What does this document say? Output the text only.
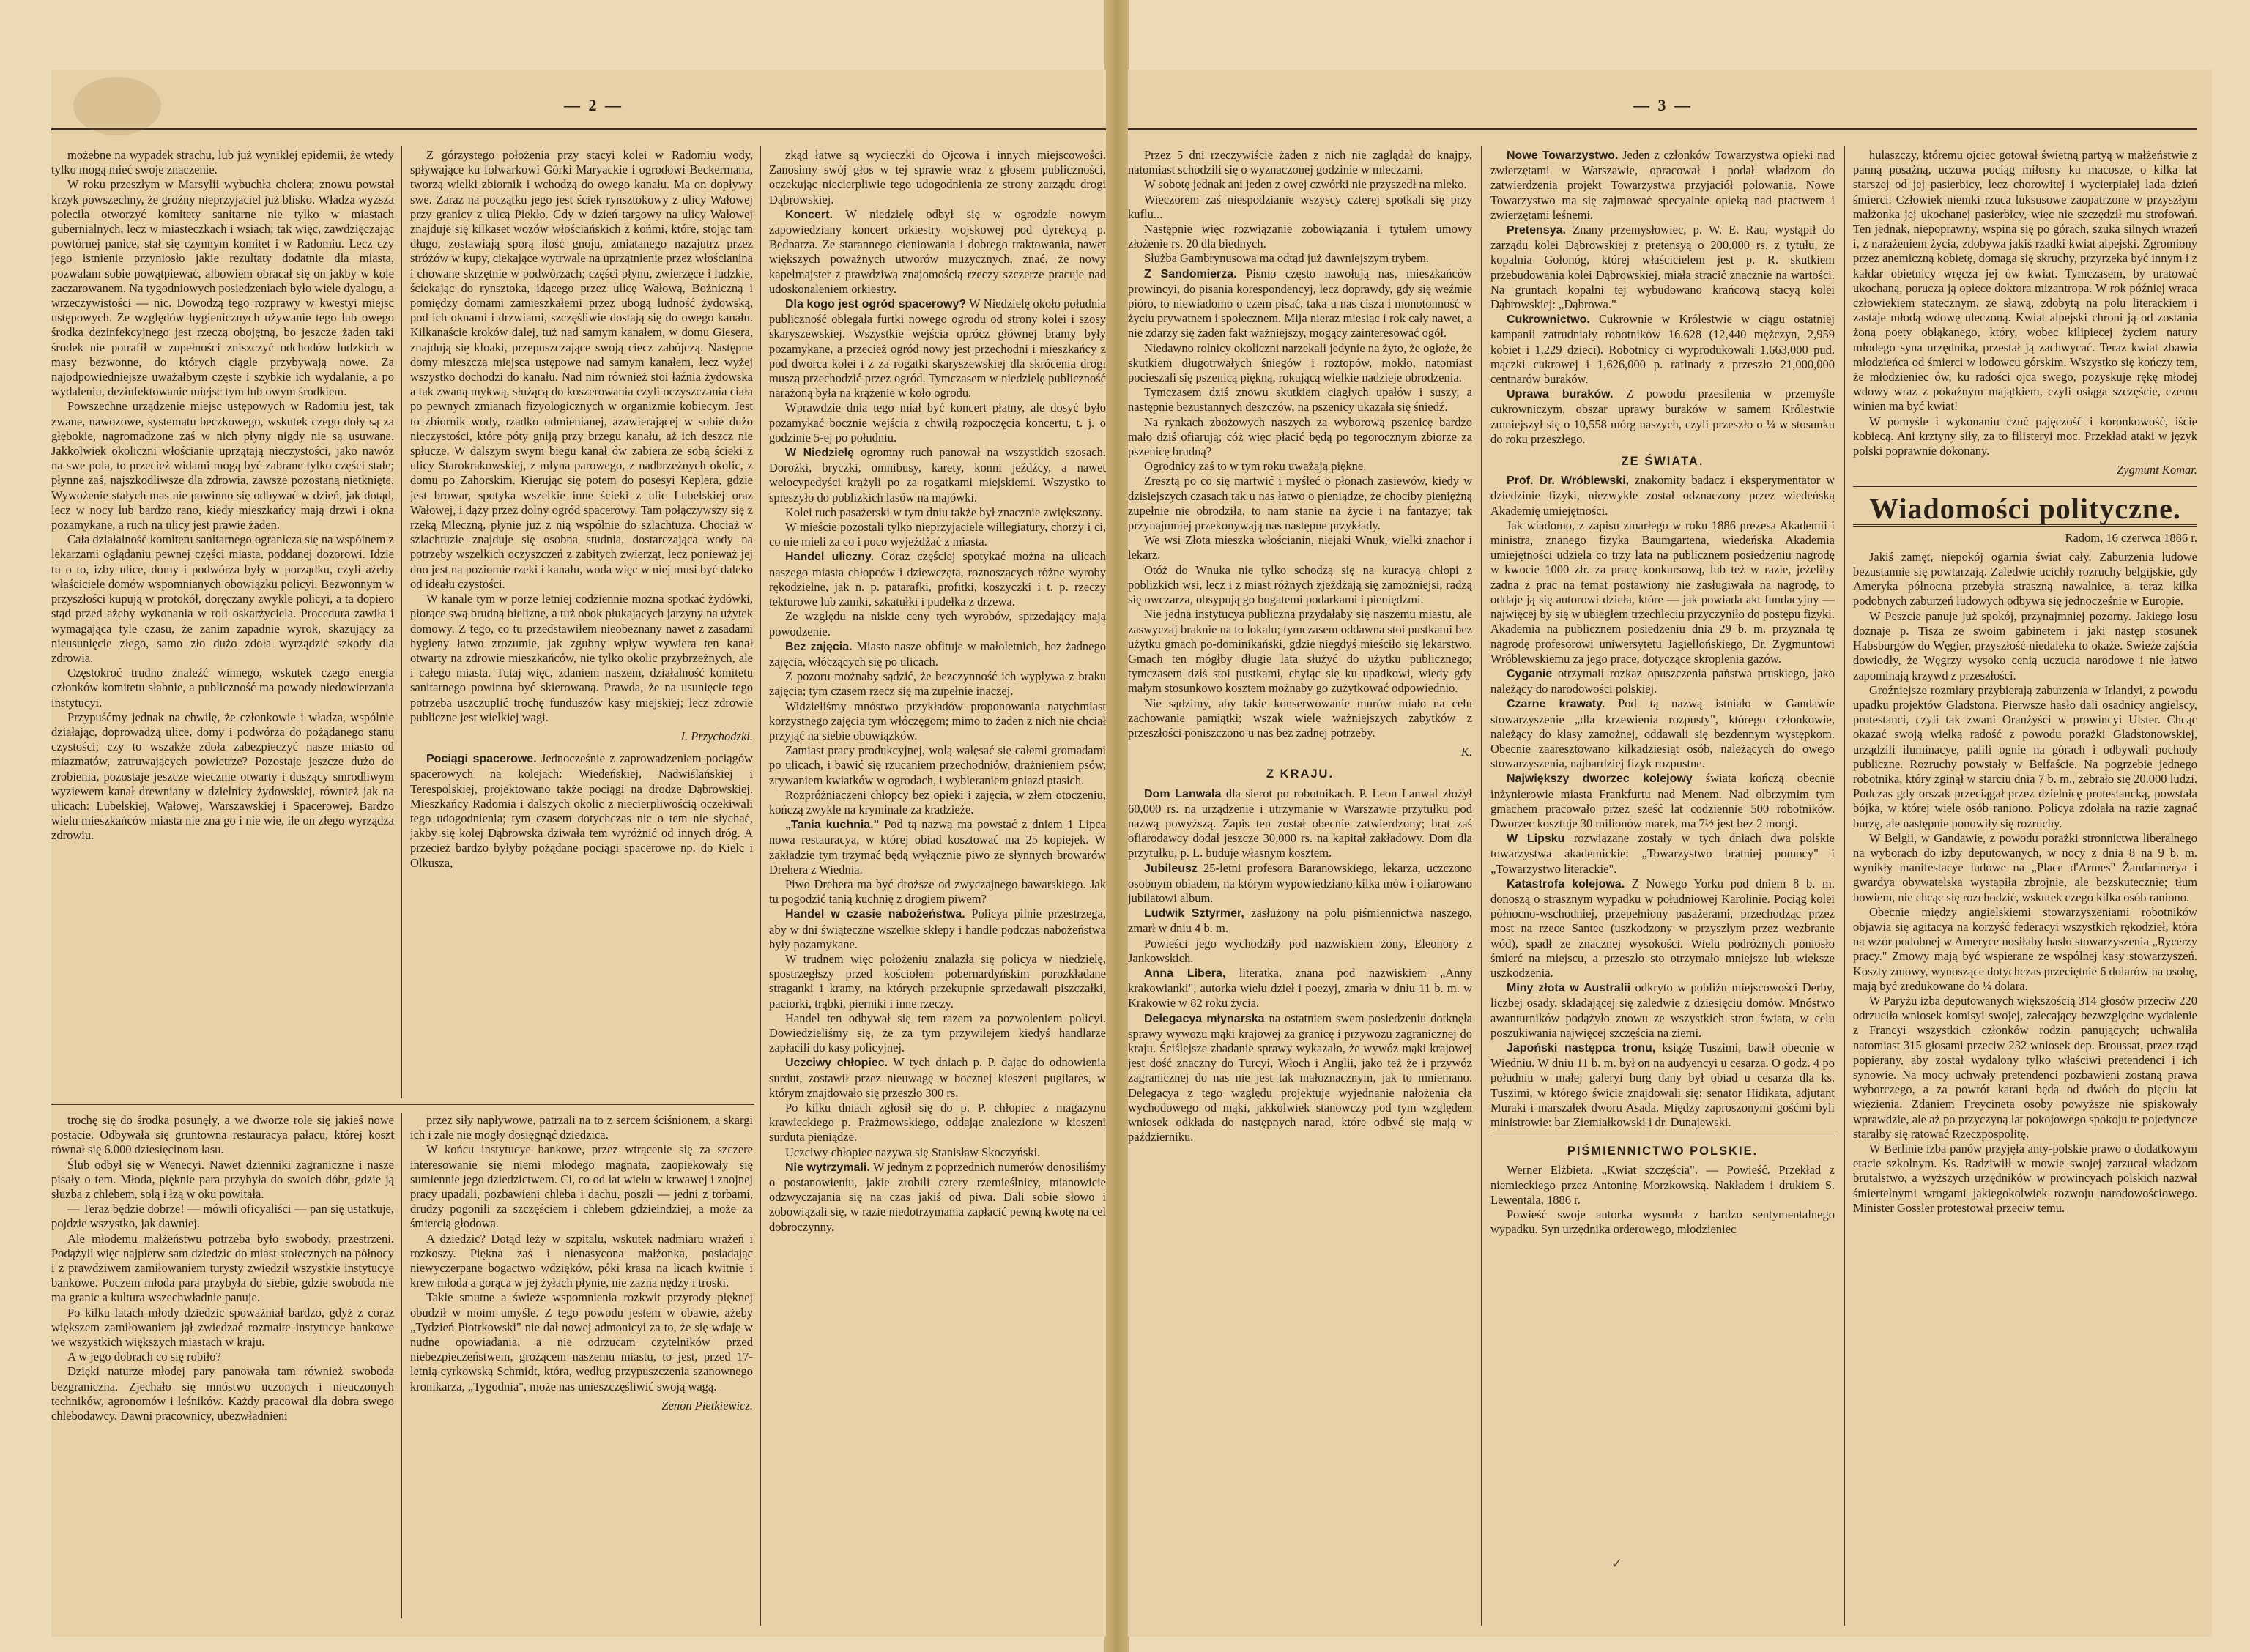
— 2 —

możebne na wypadek strachu, lub już wyniklej epidemii, że wtedy tylko mogą mieć swoje znaczenie.

W roku przeszłym w Marsylii wybuchła cholera; znowu powstał krzyk powszechny, że groźny nieprzyjaciel już blisko. Władza wyższa poleciła otworzyć komitety sanitarne nie tylko w miastach gubernialnych, lecz w miasteczkach i wsiach; tak więc, zawdzięczając powtórnej panice, stał się czynnym komitet i w Radomiu. Lecz czy jego istnienie przyniosło jakie rezultaty dodatnie dla miasta, pozwalam sobie powątpiewać, albowiem obracał się on jakby w kole zaczarowanem. Na tygodniowych posiedzeniach było wiele dyalogu, a wrzeczywistości — nic. Dowodzą tego rozprawy w kwestyi miejsc ustępowych. Ze względów hygienicznych używanie tego lub owego środka dezinfekcyjnego jest rzeczą obojętną, bo jeszcze żaden taki środek nie potrafił w zupełności zniszczyć odchodów ludzkich w masy bezwonne, do których ciągle przybywają nowe. Za najodpowiedniejsze uważałbym częste i szybkie ich wydalanie, a po wydaleniu, dezinfektowanie miejsc tym lub owym środkiem.

Powszechne urządzenie miejsc ustępowych w Radomiu jest, tak zwane, nawozowe, systematu beczkowego, wskutek czego doły są za głębokie, nagromadzone zaś w nich płyny nigdy nie są usuwane. Jakkolwiek okoliczni włościanie uprzątają nieczystości, jako nawóz na swe pola, to przecież widami mogą być zabrane tylko części stałe; płynne zaś, najszkodliwsze dla zdrowia, zawsze pozostaną nietknięte. Wywożenie stałych mas nie powinno się odbywać w dzień, jak dotąd, lecz w nocy lub bardzo rano, kiedy mieszkańcy mają drzwi i okna pozamykane, a ruch na ulicy jest prawie żaden.

Cała działalność komitetu sanitarnego ogranicza się na wspólnem z lekarzami oglądaniu pewnej części miasta, poddanej dozorowi. Idzie tu o to, izby ulice, domy i podwórza były w porządku, czyli ażeby właściciele domów wspomnianych obowiązku policyi. Bezwonnym w przyszłości kupują w protokół, doręczany zwykle policyi, a ta dopiero stąd przed ażeby wykonania w roli oskarżyciela. Procedura zawiła i wymagająca tyle czasu, że zanim zapadnie wyrok, skazujący za nieusunięcie złego, samo zło dużo zdoła wyrządzić szkody dla zdrowia.

Częstokroć trudno znaleźć winnego, wskutek czego energia członków komitetu słabnie, a publiczność ma powody niedowierzania instytucyi.

Przypuśćmy jednak na chwilę, że członkowie i władza, wspólnie działając, doprowadzą ulice, domy i podwórza do pożądanego stanu czystości; czy to wszakże zdoła zabezpieczyć nasze miasto od miazmatów, zatruwających powietrze? Pozostaje jeszcze dużo do zrobienia, pozostaje jeszcze wiecznie otwarty i duszący smrodliwym wyziewem kanał drewniany w dzielnicy żydowskiej, również jak na ulicach: Lubelskiej, Wałowej, Warszawskiej i Spacerowej. Bardzo wielu mieszkańców miasta nie zna go i nie wie, ile on złego wyrządza zdrowiu.

Z górzystego położenia przy stacyi kolei w Radomiu wody, spływające ku folwarkowi Górki Maryackie i ogrodowi Beckermana, tworzą wielki zbiornik i wchodzą do owego kanału. Ma on dopływy swe. Zaraz na początku jego jest ściek rynsztokowy z ulicy Wałowej przy granicy z ulicą Piekło. Gdy w dzień targowy na ulicy Wałowej znajduje się kilkaset wozów włościańskich z końmi, które, stojąc tam długo, zostawiają sporą ilość gnoju, zmiatanego nazajutrz przez stróżów w kupy, ciekające wytrwale na uprzątnienie przez włościanina i chowane skrzętnie w podwórzach; części płynu, zwierzęce i ludzkie, ściekając do rynsztoka, idącego przez ulicę Wałową, Bożniczną i pomiędzy domami zamieszkałemi przez ubogą ludność żydowską, pod ich oknami i drzwiami, szczęśliwie dostają się do owego kanału. Kilkanaście kroków dalej, tuż nad samym kanałem, w domu Giesera, znajdują się kloaki, przepuszczające swoją ciecz zabójczą. Następne domy mieszczą miejsca ustępowe nad samym kanałem, lecz wyżej wszystko dochodzi do kanału. Nad nim również stoi łaźnia żydowska a tak zwaną mykwą, służącą do koszerowania czyli oczyszczania ciała po pewnych zmianach fizyologicznych w organizmie kobiecym. Jest to zbiornik wody, rzadko odmienianej, azawierającej w sobie dużo nieczystości, które póty gniją przy brzegu kanału, aż ich deszcz nie spłucze. W dalszym swym biegu kanał ów zabiera ze sobą ścieki z ulicy Starokrakowskiej, z młyna parowego, z nadbrzeżnych okolic, z domu po Zahorskim. Kierując się potem do posesyi Keplera, gdzie jest browar, spotyka wszelkie inne ścieki z ulic Lubelskiej oraz Wałowej, i dąży przez dolny ogród spacerowy. Tam połączywszy się z rzeką Mleczną, płynie już z nią wspólnie do szlachtuza. Chociaż w szlachtuzie znajduje się osobna studnia, dostarczająca wody na potrzeby wszelkich oczyszczeń z zabitych zwierząt, lecz ponieważ jej dno jest na poziomie rzeki i kanału, woda więc w niej musi być daleko od ideału czystości.

W kanale tym w porze letniej codziennie można spotkać żydówki, piorące swą brudną bieliznę, a tuż obok płukających jarzyny na użytek domowy. Z tego, co tu przedstawiłem nieobeznany nawet z zasadami hygieny łatwo zrozumie, jak zgubny wpływ wywiera ten kanał otwarty na zdrowie mieszkańców, nie tylko okolic przybrzeżnych, ale i całego miasta. Tutaj więc, zdaniem naszem, działalność komitetu sanitarnego powinna być skierowaną. Prawda, że na usunięcie tego potrzeba uszczuplić trochę funduszów kasy miejskiej; lecz zdrowie publiczne jest wielkiej wagi.

J. Przychodzki.

Pociągi spacerowe. Jednocześnie z zaprowadzeniem pociągów spacerowych na kolejach: Wiedeńskiej, Nadwiślańskiej i Terespolskiej, projektowano także pociągi na drodze Dąbrowskiej. Mieszkańcy Radomia i dalszych okolic z niecierpliwością oczekiwali tego udogodnienia; tym czasem dotychczas nic o tem nie słychać, jakby się kolej Dąbrowska dziwała tem wyróżnić od innych dróg. A przecież bardzo byłyby pożądane pociągi spacerowe np. do Kielc i Olkusza,

zkąd łatwe są wycieczki do Ojcowa i innych miejscowości. Zanosimy swój głos w tej sprawie wraz z głosem publiczności, oczekując niecierpliwie tego udogodnienia ze strony zarządu drogi Dąbrowskiej.

Koncert. W niedzielę odbył się w ogrodzie nowym zapowiedziany koncert orkiestry wojskowej pod dyrekcyą p. Bednarza. Ze starannego cieniowania i dobrego traktowania, nawet większych poważnych utworów muzycznych, znać, że nowy kapelmajster z prawdziwą znajomością rzeczy szczerze pracuje nad udoskonaleniem orkiestry.

Dla kogo jest ogród spacerowy? W Niedzielę około południa publiczność oblegała furtki nowego ogrodu od strony kolei i szosy skaryszewskiej. Wszystkie wejścia oprócz głównej bramy były pozamykane, a przecież ogród nowy jest przechodni i mieszkańcy z pod dworca kolei i z za rogatki skaryszewskiej dla skrócenia drogi muszą przechodzić przez ogród. Tymczasem w niedzielę publiczność narażoną była na krążenie w koło ogrodu.

Wprawdzie dnia tego miał być koncert płatny, ale dosyć było pozamykać bocznie wejścia z chwilą rozpoczęcia koncertu, t. j. o godzinie 5-ej po południu.

W Niedzielę ogromny ruch panował na wszystkich szosach. Dorożki, bryczki, omnibusy, karety, konni jeźdźcy, a nawet welocypedyści krążyli po za rogatkami miejskiemi. Wszystko to spieszyło do poblizkich lasów na majówki.

Kolei ruch pasażerski w tym dniu także był znacznie zwiększony.

W mieście pozostali tylko nieprzyjaciele willegiatury, chorzy i ci, co nie mieli za co i poco wyjeżdżać z miasta.

Handel uliczny. Coraz częściej spotykać można na ulicach naszego miasta chłopców i dziewczęta, roznoszących różne wyroby rękodzielne, jak n. p. patarafki, profitki, koszyczki i t. p. rzeczy tekturowe lub zamki, szkatułki i pudełka z drzewa.

Ze względu na niskie ceny tych wyrobów, sprzedający mają powodzenie.

Bez zajęcia. Miasto nasze obfituje w małoletnich, bez żadnego zajęcia, włóczących się po ulicach.

Z pozoru możnaby sądzić, że bezczynność ich wypływa z braku zajęcia; tym czasem rzecz się ma zupełnie inaczej.

Widzieliśmy mnóstwo przykładów proponowania natychmiast korzystnego zajęcia tym włóczęgom; mimo to żaden z nich nie chciał przyjąć na siebie obowiązków.

Zamiast pracy produkcyjnej, wolą wałęsać się całemi gromadami po ulicach, i bawić się rzucaniem przechodniów, drażnieniem psów, zrywaniem kwiatków w ogrodach, i wybieraniem gniazd ptasich.

Rozpróżniaczeni chłopcy bez opieki i zajęcia, w złem otoczeniu, kończą zwykle na kryminale za kradzieże.

„Tania kuchnia." Pod tą nazwą ma powstać z dniem 1 Lipca nowa restauracya, w której obiad kosztować ma 25 kopiejek. W zakładzie tym trzymać będą wyłącznie piwo ze słynnych browarów Drehera z Wiednia.

Piwo Drehera ma być droższe od zwyczajnego bawarskiego. Jak tu pogodzić tanią kuchnię z drogiem piwem?

Handel w czasie nabożeństwa. Policya pilnie przestrzega, aby w dni świąteczne wszelkie sklepy i handle podczas nabożeństwa były pozamykane.

W trudnem więc położeniu znalazła się policya w niedzielę, spostrzegłszy przed kościołem pobernardyńskim porozkładane straganki i kramy, na których przekupnie sprzedawali piszczałki, paciorki, trąbki, pierniki i inne rzeczy.

Handel ten odbywał się tem razem za pozwoleniem policyi. Dowiedzieliśmy się, że za tym przywilejem kiedyś handlarze zapłacili do kasy policyjnej.

Uczciwy chłopiec. W tych dniach p. P. dając do odnowienia surdut, zostawił przez nieuwagę w bocznej kieszeni pugilares, w którym znajdowało się przeszło 300 rs.

Po kilku dniach zgłosił się do p. P. chłopiec z magazynu krawieckiego p. Prażmowskiego, oddając znalezione w kieszeni surduta pieniądze.

Uczciwy chłopiec nazywa się Stanisław Skoczyński.

Nie wytrzymali. W jednym z poprzednich numerów donosiliśmy o postanowieniu, jakie zrobili cztery rzemieślnicy, mianowicie odzwyczajania się na czas jakiś od piwa. Dali sobie słowo i zobowiązali się, w razie niedotrzymania zapłacić pewną kwotę na cel dobroczynny.

trochę się do środka posunęły, a we dworze role się jakieś nowe postacie. Odbywała się gruntowna restauracya pałacu, której koszt równał się 6.000 dziesięcinom lasu.

Ślub odbył się w Wenecyi. Nawet dzienniki zagraniczne i nasze pisały o tem. Młoda, pięknie para przybyła do swoich dóbr, gdzie ją słuzba z chlebem, solą i łzą w oku powitała.

— Teraz będzie dobrze! — mówili oficyaliści — pan się ustatkuje, pojdzie wszystko, jak dawniej.

Ale młodemu małżeństwu potrzeba było swobody, przestrzeni. Podążyli więc najpierw sam dziedzic do miast stołecznych na północy i z prawdziwem zamiłowaniem turysty zwiedził wszystkie instytucye bankowe. Poczem młoda para przybyła do siebie, gdzie swoboda nie ma granic a kultura wszechwładnie panuje.

Po kilku latach młody dziedzic spoważniał bardzo, gdyż z coraz większem zamiłowaniem jął zwiedzać rozmaite instytucye bankowe we wszystkich większych miastach w kraju.

A w jego dobrach co się robiło?

Dzięki naturze młodej pary panowała tam również swoboda bezgraniczna. Zjechało się mnóstwo uczonych i nieuczonych techników, agronomów i leśników. Każdy pracował dla dobra swego chlebodawcy. Dawni pracownicy, ubezwładnieni

przez siły napływowe, patrzali na to z sercem ściśnionem, a skargi ich i żale nie mogły dosięgnąć dziedzica.

W końcu instytucye bankowe, przez wtrącenie się za szczere interesowanie się niemi młodego magnata, zaopiekowały się sumiennie jego dziedzictwem. Ci, co od lat wielu w krwawej i znojnej pracy upadali, pozbawieni chleba i dachu, poszli — jedni z torbami, drudzy pogonili za szczęściem i chlebem gdzieindziej, a może za śmiercią głodową.

A dziedzic? Dotąd leży w szpitalu, wskutek nadmiaru wrażeń i rozkoszy. Piękna zaś i nienasycona małżonka, posiadając niewyczerpane bogactwo wdzięków, póki krasa na licach kwitnie i krew młoda a gorąca w jej żyłach płynie, nie zazna nędzy i troski.

Takie smutne a świeże wspomnienia rozkwit przyrody pięknej obudził w moim umyśle. Z tego powodu jestem w obawie, ażeby „Tydzień Piotrkowski" nie dał nowej admonicyi za to, że się wdaję w nudne opowiadania, a nie odrzucam czytelników przed niebezpieczeństwem, grożącem naszemu miastu, to jest, przed 17-letnią cyrkowską Schmidt, która, według przypuszczenia szanownego kronikarza, „Tygodnia", może nas unieszczęśliwić swoją wagą.

Zenon Pietkiewicz.

— 3 —

Przez 5 dni rzeczywiście żaden z nich nie zaglądał do knajpy, natomiast schodzili się o wyznaczonej godzinie w mleczarni.

W sobotę jednak ani jeden z owej czwórki nie przyszedł na mleko.

Wieczorem zaś niespodzianie wszyscy czterej spotkali się przy kuflu...

Następnie więc rozwiązanie zobowiązania i tytułem umowy złożenie rs. 20 dla biednych.

Służba Gambrynusowa ma odtąd już dawniejszym trybem.

Z Sandomierza. Pismo często nawołują nas, mieszkańców prowincyi, do pisania korespondencyj, lecz doprawdy, gdy się weźmie pióro, to niewiadomo o czem pisać, taka u nas cisza i monotonność w życiu prywatnem i społecznem. Mija nieraz miesiąc i rok cały nawet, a nie zdarzy się żaden fakt ważniejszy, mogący zainteresować ogół.

Niedawno rolnicy okoliczni narzekali jedynie na żyto, że ogłoże, że skutkiem długotrwałych śniegów i roztopów, mokło, natomiast pocieszali się pszenicą piękną, rokującą wielkie nadzieje obrodzenia.

Tymczasem dziś znowu skutkiem ciągłych upałów i suszy, a następnie bezustannych deszczów, na pszenicy ukazała się śniedź.

Na rynkach zbożowych naszych za wyborową pszenicę bardzo mało dziś ofiarują; cóż więc płacić będą po tegorocznym zbiorze za pszenicę brudną?

Ogrodnicy zaś to w tym roku uważają piękne.

Zresztą po co się martwić i myśleć o płonach zasiewów, kiedy w dzisiejszych czasach tak u nas łatwo o pieniądze, że chociby pieniężną zupełnie nie obrodziła, to nam stanie na życie i na fantazye; tak przynajmniej przekonywają nas następne przykłady.

We wsi Złota mieszka włościanin, niejaki Wnuk, wielki znachor i lekarz.

Otóż do Wnuka nie tylko schodzą się na kuracyą chłopi z poblizkich wsi, lecz i z miast różnych zjeżdżają się zamożniejsi, radzą się owczarza, obsypują go bogatemi podarkami i pieniędzmi.

Nie jedna instytucya publiczna przydałaby się naszemu miastu, ale zaswyczaj braknie na to lokalu; tymczasem oddawna stoi pustkami bez użytku gmach po-dominikański, gdzie niegdyś mieściło się lekarstwo. Gmach ten mógłby długie lata służyć do użytku publicznego; tymczasem dziś stoi pustkami, chyląc się ku upadkowi, wiedy gdy małym stosunkowo kosztem możnaby go zużytkować odpowiednio.

Nie sądzimy, aby takie konserwowanie murów miało na celu zachowanie pamiątki; wszak wiele ważniejszych zabytków z przeszłości poniszczono u nas bez żadnej potrzeby.

K.

Z KRAJU.

Dom Lanwala dla sierot po robotnikach. P. Leon Lanwal złożył 60,000 rs. na urządzenie i utrzymanie w Warszawie przytułku pod nazwą powyższą. Zapis ten został obecnie zatwierdzony; brat zaś ofiarodawcy dodał jeszcze 30,000 rs. na kapitał zakładowy. Dom dla przytułku, p. L. buduje własnym kosztem.

Jubileusz 25-letni profesora Baranowskiego, lekarza, uczczono osobnym obiadem, na którym wypowiedziano kilka mów i ofiarowano jubilatowi album.

Ludwik Sztyrmer, zasłużony na polu piśmiennictwa naszego, zmarł w dniu 4 b. m.

Powieści jego wychodziły pod nazwiskiem żony, Eleonory z Jankowskich.

Anna Libera, literatka, znana pod nazwiskiem „Anny krakowianki", autorka wielu dzieł i poezyj, zmarła w dniu 11 b. m. w Krakowie w 82 roku życia.

Delegacya młynarska na ostatniem swem posiedzeniu dotknęła sprawy wywozu mąki krajowej za granicę i przywozu zagranicznej do kraju. Ściślejsze zbadanie sprawy wykazało, że wywóz mąki krajowej jest dość znaczny do Turcyi, Włoch i Anglii, jako też że i przywóz zagranicznej do nas nie jest tak małoznacznym, jak to mniemano. Delegacya z tego względu projektuje wyjednanie nałożenia cła wychodowego od mąki, jakkolwiek stanowczy pod tym względem wniosek odkłada do następnych narad, które odbyć się mają w październiku.

Nowe Towarzystwo. Jeden z członków Towarzystwa opieki nad zwierzętami w Warszawie, opracował i podał władzom do zatwierdzenia projekt Towarzystwa przyjaciół polowania. Nowe Towarzystwo ma się zajmować specyalnie opieką nad ptactwem i zwierzętami leśnemi.

Pretensya. Znany przemysłowiec, p. W. E. Rau, wystąpił do zarządu kolei Dąbrowskiej z pretensyą o 200.000 rs. z tytułu, że kopalnia Gołonóg, której właścicielem jest p. R. skutkiem przebudowania kolei Dąbrowskiej, miała stracić znacznie na wartości. Na gruntach kopalni tej wybudowano krańcową stacyą kolei Dąbrowskiej: „Dąbrowa."

Cukrownictwo. Cukrownie w Królestwie w ciągu ostatniej kampanii zatrudniały robotników 16.628 (12,440 mężczyn, 2,959 kobiet i 1,229 dzieci). Robotnicy ci wyprodukowali 1,663,000 pud. mączki cukrowej i 1,626,000 p. rafinady z przeszło 21,000,000 centnarów buraków.

Uprawa buraków. Z powodu przesilenia w przemyśle cukrowniczym, obszar uprawy buraków w samem Królestwie zmniejszył się o 10,558 mórg naszych, czyli przeszło o ¼ w stosunku do roku przeszłego.

ZE ŚWIATA.

Prof. Dr. Wróblewski, znakomity badacz i eksperymentator w dziedzinie fizyki, niezwykle został odznaczony przez wiedeńską Akademię umiejętności.

Jak wiadomo, z zapisu zmarłego w roku 1886 prezesa Akademii i ministra, znanego fizyka Baumgartena, wiedeńska Akademia umiejętności udziela co trzy lata na publicznem posiedzeniu nagrodę w kwocie 1000 złr. za pracę konkursową, lub też w razie, jeżeliby żadna z prac na temat postawiony nie zasługiwała na nagrodę, to oddaje ją się autorowi dzieła, które — jak powiada akt fundacyjny — najwięcej by się w ubiegłem trzechleciu przyczyniło do postępu fizyki. Akademia na publicznem posiedzeniu dnia 29 b. m. przyznała tę nagrodę profesorowi uniwersytetu Jagiellońskiego, Dr. Zygmuntowi Wróblewskiemu za jego prace, dotyczące skroplenia gazów.

Cyganie otrzymali rozkaz opuszczenia państwa pruskiego, jako należący do narodowości polskiej.

Czarne krawaty. Pod tą nazwą istniało w Gandawie stowarzyszenie „dla krzewienia rozpusty", którego członkowie, należący do klasy zamożnej, oddawali się bezdennym występkom. Obecnie zaaresztowano kilkadziesiąt osób, należących do owego stowarzyszenia, najbardziej fizyk rozpustne.

Największy dworzec kolejowy świata kończą obecnie inżynierowie miasta Frankfurtu nad Menem. Nad olbrzymim tym gmachem pracowało przez sześć lat codziennie 500 robotników. Dworzec kosztuje 30 milionów marek, ma 7½ jest bez 2 morgi.

W Lipsku rozwiązane zostały w tych dniach dwa polskie towarzystwa akademickie: „Towarzystwo bratniej pomocy" i „Towarzystwo literackie".

Katastrofa kolejowa. Z Nowego Yorku pod dniem 8 b. m. donoszą o strasznym wypadku w południowej Karolinie. Pociąg kolei północno-wschodniej, przepełniony pasażerami, przechodząc przez most na rzece Santee (uszkodzony w przyszłym przez wezbranie wód), spadł ze znacznej wysokości. Wielu podróżnych poniosło śmierć na miejscu, a przeszło sto otrzymało mniejsze lub większe uszkodzenia.

Miny złota w Australii odkryto w pobliżu miejscowości Derby, liczbej osady, składającej się zaledwie z dziesięciu domów. Mnóstwo awanturników podążyło znowu ze wszystkich stron świata, w celu poszukiwania najwięcej szczęścia na ziemi.

Japoński następca tronu, książę Tuszimi, bawił obecnie w Wiedniu. W dniu 11 b. m. był on na audyencyi u cesarza. O godz. 4 po południu w małej galeryi burg dany był obiad u cesarza dla ks. Tuszimi, w którego świcie znajdowali się: senator Hidikata, adjutant Muraki i marszałek dworu Asada. Między zaproszonymi gośćmi byli ministrowie: bar Ziemiałkowski i dr. Dunajewski.

PIŚMIENNICTWO POLSKIE.

Werner Elżbieta. „Kwiat szczęścia". — Powieść. Przekład z niemieckiego przez Antoninę Morzkowską. Nakładem i drukiem S. Lewentala, 1886 r.

Powieść swoje autorka wysnuła z bardzo sentymentalnego wypadku. Syn urzędnika orderowego, młodzieniec

hulaszczy, któremu ojciec gotował świetną partyą w małżeństwie z panną posażną, uczuwa pociąg miłosny ku macosze, o kilka lat starszej od jej pasierbicy, lecz chorowitej i wycierpiałej lada dzień śmierci. Człowiek niemki rzuca luksusowe zaopatrzone w przyszłym małżonka jej ukochanej pasierbicy, więc nie szczędził mu strofowań. Ten jednak, niepoprawny, wspina się po górach, szuka silnych wrażeń i, z narażeniem życia, zdobywa jakiś rzadki kwiat alpejski. Zgromiony przez anemiczną kobietę, domaga się skruchy, przyrzeka być innym i z kałdar obietnicy wręcza jej ów kwiat. Tymczasem, by uratować ukochaną, porucza ją opiece doktora mizantropa. W rok później wraca człowiekiem statecznym, ze sławą, zdobytą na polu literackiem i zastaje młodą wdowę uleczoną. Kwiat alpejski chroni ją od zostania żoną poety obłąkanego, który, wobec kilipiecej życiem natury młodego syna urzędnika, przestał ją zachwycać. Teraz kwiat zbawia młodzieńca od śmierci w lodowcu górskim. Wszystko się kończy tem, że młodzieniec ów, ku radości ojca swego, pozyskuje rękę młodej wdowy wraz z pokaźnym majątkiem, czyli osiąga szczęście, czemu winien ma być kwiat!

W pomyśle i wykonaniu czuć pajęczość i koronkowość, iście kobiecą. Ani krztyny siły, za to filisteryi moc. Przekład ataki w język polski poprawnie dokonany.

Zygmunt Komar.

Wiadomości polityczne.

Radom, 16 czerwca 1886 r.

Jakiś zamęt, niepokój ogarnia świat cały. Zaburzenia ludowe bezustannie się powtarzają. Zaledwie ucichły rozruchy belgijskie, gdy Ameryka północna przebyła straszną nawalnicę, a teraz kilka podobnych zaburzeń ludowych odbywa się jednocześnie w Europie.

W Peszcie panuje już spokój, przynajmniej pozorny. Jakiego losu doznaje p. Tisza ze swoim gabinetem i jaki następ stosunek Habsburgów do Węgier, przyszłość niedaleka to okaże. Swieże zajścia dowiodły, że Węgrzy wysoko cenią uczucia narodowe i nie łatwo zapominają krzywd z przeszłości.

Groźniejsze rozmiary przybierają zaburzenia w Irlandyi, z powodu upadku projektów Gladstona. Pierwsze hasło dali osadnicy angielscy, protestanci, czyli tak zwani Oranżyści w prowincyi Ulster. Chcąc okazać swoją wielką radość z powodu porażki Gladstonowskiej, urządzili iluminacye, palili ognie na górach i odbywali pochody publiczne. Rozruchy powstały w Belfaście. Na pogrzebie jednego robotnika, który zginął w starciu dnia 7 b. m., zebrało się 20.000 ludzi. Podczas gdy orszak przeciągał przez dzielnicę protestancką, powstała bójka, w której wiele osób raniono. Policya zdołała na razie zagnać burzę, ale następnie ponowiły się rozruchy.

W Belgii, w Gandawie, z powodu porażki stronnictwa liberalnego na wyborach do izby deputowanych, w nocy z dnia 8 na 9 b. m. wynikły manifestacye ludowe na „Place d'Armes" Żandarmerya i gwardya obywatelska wystąpiła zbrojnie, ale bezskutecznie; tłum bowiem, nie chcąc się rozchodzić, wskutek czego kilka osób raniono.

Obecnie między angielskiemi stowarzyszeniami robotników objawia się agitacya na korzyść federacyi wszystkich rękodzieł, która na wzór podobnej w Ameryce nosiłaby hasło stowarzyszenia „Rycerzy pracy." Zmowy mają być wspierane ze wspólnej kasy stowarzyszeń. Koszty zmowy, wynoszące dotychczas przeciętnie 6 dolarów na osobę, mają być zredukowane do ¼ dolara.

W Paryżu izba deputowanych większością 314 głosów przeciw 220 odrzuciła wniosek komisyi swojej, zalecający bezwzględne wydalenie z Francyi wszystkich członków rodzin panujących; uchwaliła natomiast 315 głosami przeciw 232 wniosek dep. Broussat, przez rząd popierany, aby został wydalony tylko właściwi pretendenci i ich synowie. Na mocy uchwały pretendenci pozbawieni zostaną prawa wyborczego, a za powrót karani będą od dwóch do pięciu lat więzienia. Zdaniem Freycineta osoby powyższe nie spiskowały wprawdzie, ale aż po przyczyną lat pokojowego spokoju te pojedyncze starałby się ratować Rzeczpospolitę.

W Berlinie izba panów przyjęła anty-polskie prawo o dodatkowym etacie szkolnym. Ks. Radziwiłł w mowie swojej zarzucał władzom brutalstwo, a wyższych urzędników w prowincyach polskich nazwał śmiertelnymi wrogami jakiegokolwiek rozwoju narodowościowego. Minister Gossler protestował przeciw temu.

✓
